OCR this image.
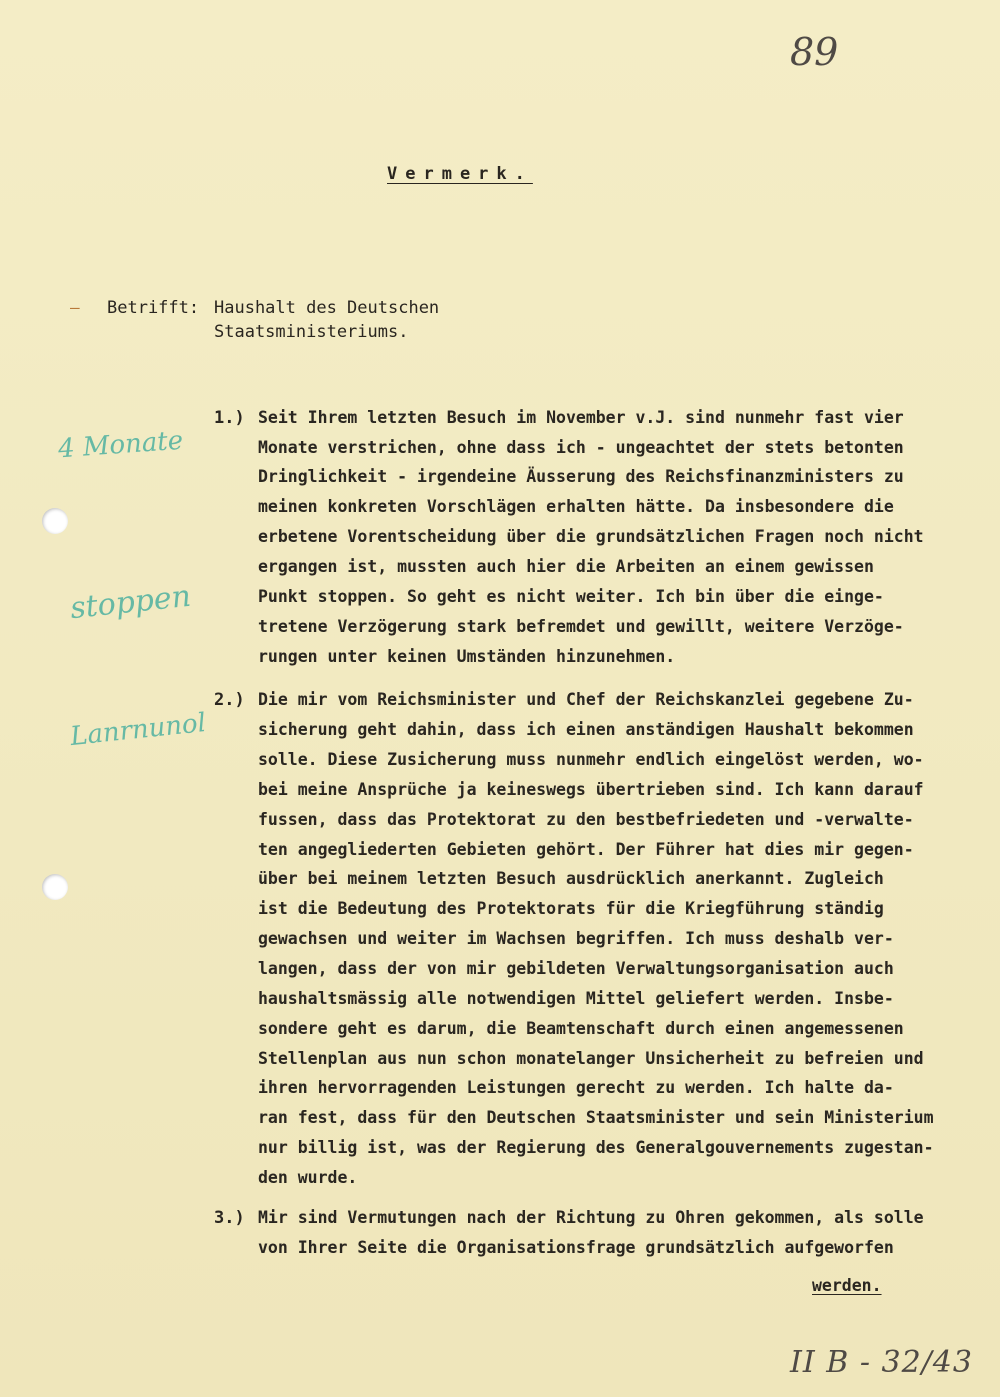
89
Vermerk.
– Betrifft: Haushalt des Deutschen
Staatsministeriums.
4 Monate
stoppen
Lanrnunol
1.) Seit Ihrem letzten Besuch im November v.J. sind nunmehr fast vier
Monate verstrichen, ohne dass ich - ungeachtet der stets betonten
Dringlichkeit - irgendeine Äusserung des Reichsfinanzministers zu
meinen konkreten Vorschlägen erhalten hätte. Da insbesondere die
erbetene Vorentscheidung über die grundsätzlichen Fragen noch nicht
ergangen ist, mussten auch hier die Arbeiten an einem gewissen
Punkt stoppen. So geht es nicht weiter. Ich bin über die einge-
tretene Verzögerung stark befremdet und gewillt, weitere Verzöge-
rungen unter keinen Umständen hinzunehmen.
2.) Die mir vom Reichsminister und Chef der Reichskanzlei gegebene Zu-
sicherung geht dahin, dass ich einen anständigen Haushalt bekommen
solle. Diese Zusicherung muss nunmehr endlich eingelöst werden, wo-
bei meine Ansprüche ja keineswegs übertrieben sind. Ich kann darauf
fussen, dass das Protektorat zu den bestbefriedeten und -verwalte-
ten angegliederten Gebieten gehört. Der Führer hat dies mir gegen-
über bei meinem letzten Besuch ausdrücklich anerkannt. Zugleich
ist die Bedeutung des Protektorats für die Kriegführung ständig
gewachsen und weiter im Wachsen begriffen. Ich muss deshalb ver-
langen, dass der von mir gebildeten Verwaltungsorganisation auch
haushaltsmässig alle notwendigen Mittel geliefert werden. Insbe-
sondere geht es darum, die Beamtenschaft durch einen angemessenen
Stellenplan aus nun schon monatelanger Unsicherheit zu befreien und
ihren hervorragenden Leistungen gerecht zu werden. Ich halte da-
ran fest, dass für den Deutschen Staatsminister und sein Ministerium
nur billig ist, was der Regierung des Generalgouvernements zugestan-
den wurde.
3.) Mir sind Vermutungen nach der Richtung zu Ohren gekommen, als solle
von Ihrer Seite die Organisationsfrage grundsätzlich aufgeworfen
werden.
II B - 32/43
